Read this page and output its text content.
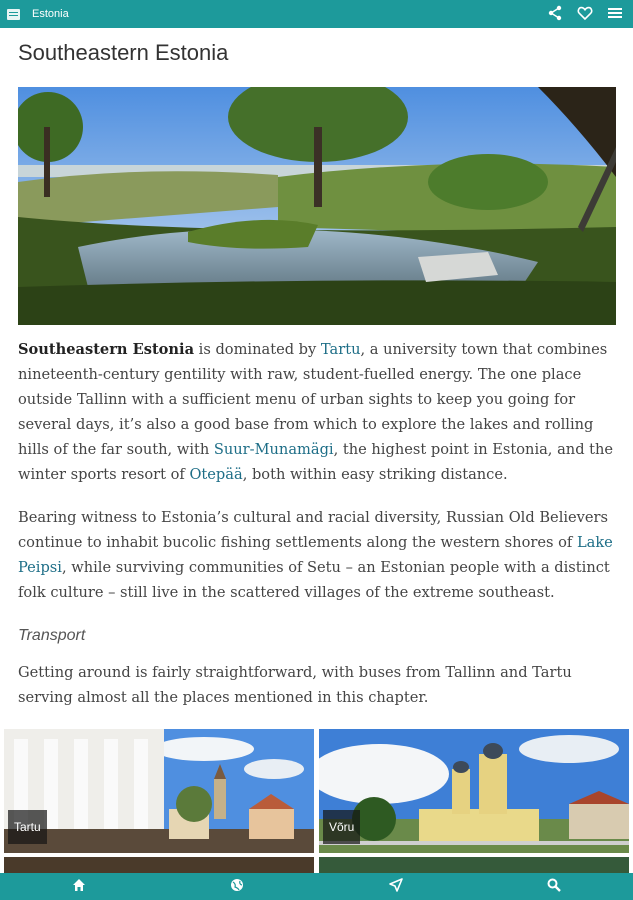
Estonia
Southeastern Estonia

Southeastern Estonia is dominated by Tartu, a university town that combines nineteenth-century gentility with raw, student-fuelled energy. The one place outside Tallinn with a sufficient menu of urban sights to keep you going for several days, it’s also a good base from which to explore the lakes and rolling hills of the far south, with Suur-Munamägi, the highest point in Estonia, and the winter sports resort of Otepää, both within easy striking distance.

Bearing witness to Estonia’s cultural and racial diversity, Russian Old Believers continue to inhabit bucolic fishing settlements along the western shores of Lake Peipsi, while surviving communities of Setu – an Estonian people with a distinct folk culture – still live in the scattered villages of the extreme southeast.

Transport

Getting around is fairly straightforward, with buses from Tallinn and Tartu serving almost all the places mentioned in this chapter.

Tartu	Võru
